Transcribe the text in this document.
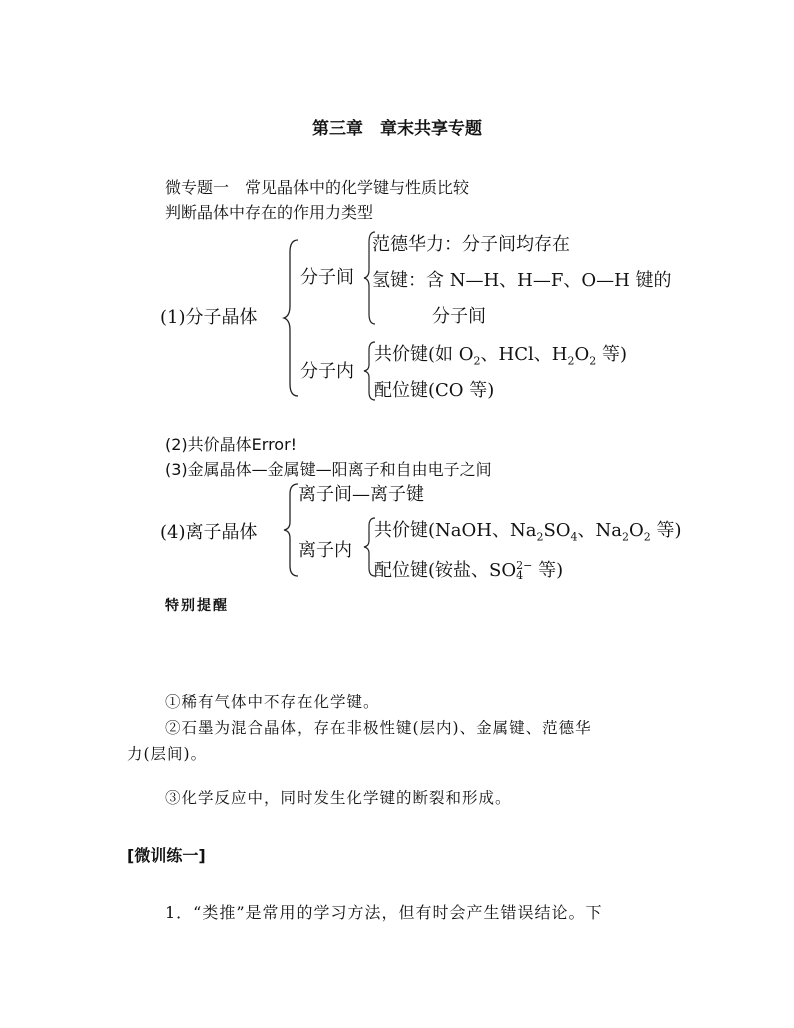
第三章　章末共享专题
微专题一　常见晶体中的化学键与性质比较
判断晶体中存在的作用力类型
(1)分子晶体
分子间
范德华力：分子间均存在
氢键：含 N—H、H—F、O—H 键的
分子间
分子内
共价键(如 $O_2$、HCl、$H_2O_2$ 等)
配位键(CO 等)
(2)共价晶体Error!
(3)金属晶体—金属键—阳离子和自由电子之间
(4)离子晶体
离子间—离子键
离子内
共价键(NaOH、$Na_2SO_4$、$Na_2O_2$ 等)
配位键(铵盐、SO 2−
4 等)
特别提醒
①稀有气体中不存在化学键。
②石墨为混合晶体，存在非极性键(层内)、金属键、范德华
力(层间)。
③化学反应中，同时发生化学键的断裂和形成。
[微训练一]
1．“类推”是常用的学习方法，但有时会产生错误结论。下
